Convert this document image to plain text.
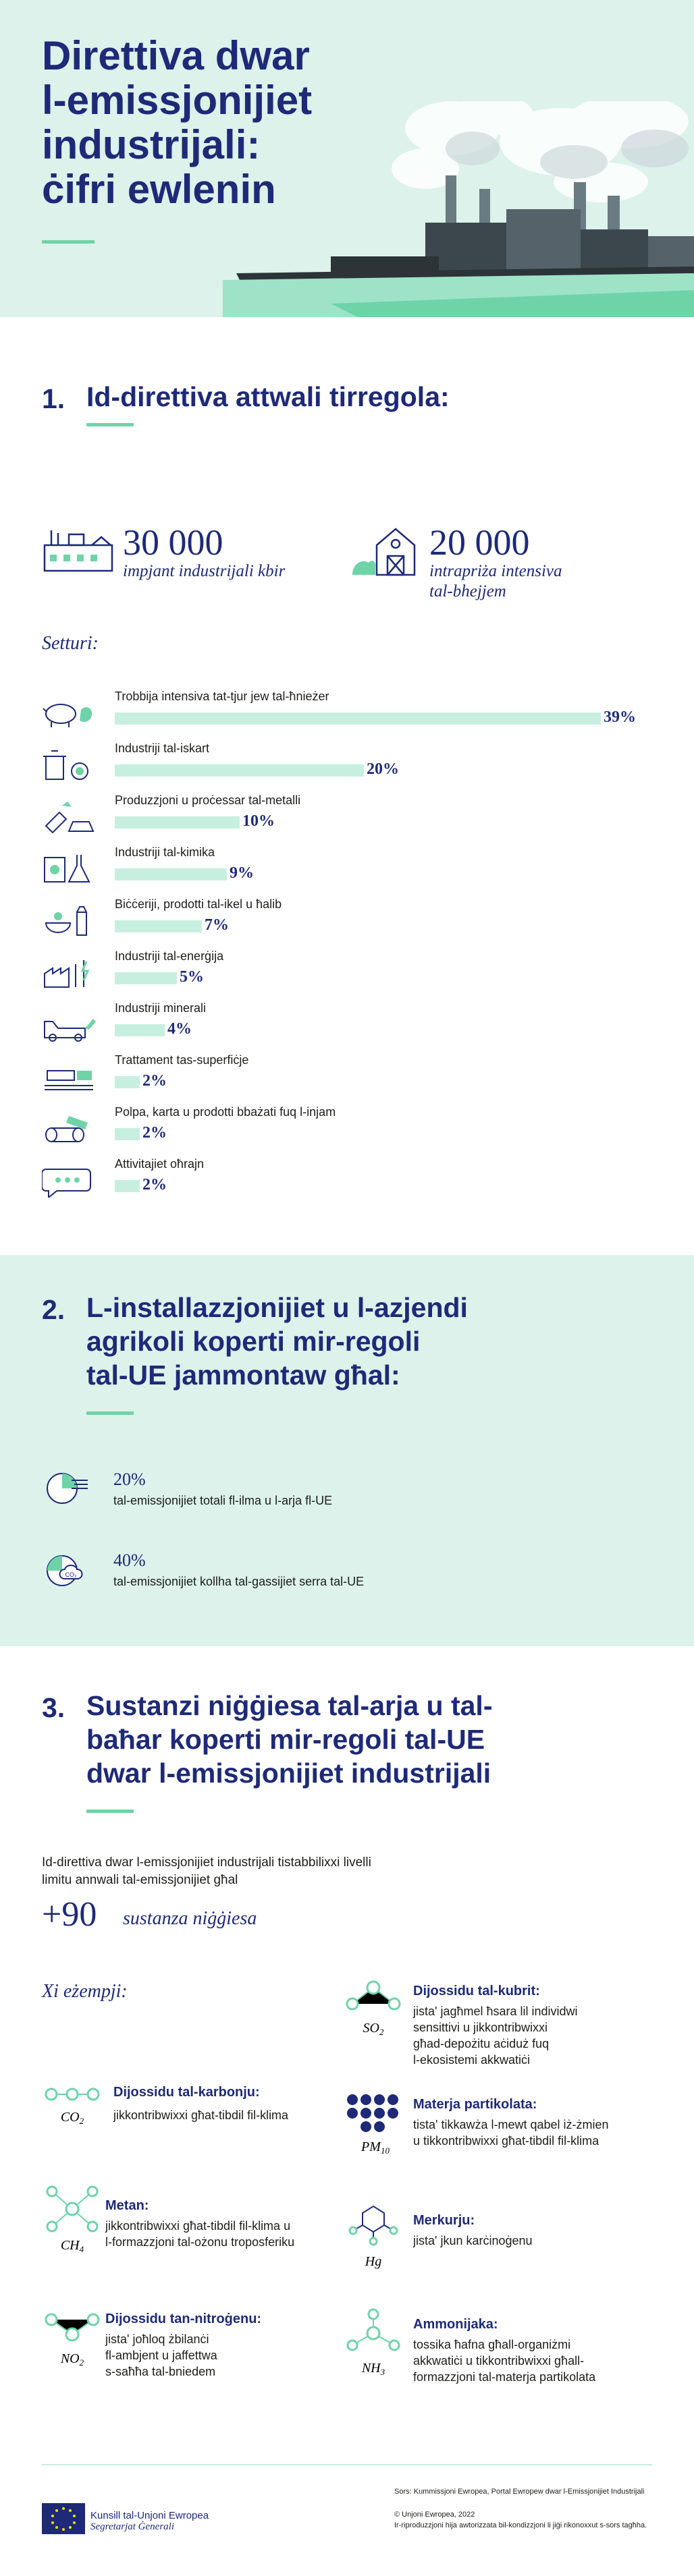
Direttiva dwar
l-emissjonijiet
industrijali:
ċifri ewlenin
1. Id-direttiva attwali tirregola:
30 000
impjant industrijali kbir
20 000
intrapriża intensiva
tal-bhejjem
Setturi:
Trobbija intensiva tat-tjur jew tal-ħnieżer
39%
Industriji tal-iskart
20%
Produzzjoni u proċessar tal-metalli
10%
Industriji tal-kimika
9%
Biċċeriji, prodotti tal-ikel u ħalib
7%
Industriji tal-enerġija
5%
Industriji minerali
4%
Trattament tas-superfiċje
2%
Polpa, karta u prodotti bbażati fuq l-injam
2%
Attivitajiet oħrajn
2%
2. L-installazzjonijiet u l-azjendi
agrikoli koperti mir-regoli
tal-UE jammontaw għal:
20%
tal-emissjonijiet totali fl-ilma u l-arja fl-UE
CO₂
40%
tal-emissjonijiet kollha tal-gassijiet serra tal-UE
3. Sustanzi niġġiesa tal-arja u tal-
baħar koperti mir-regoli tal-UE
dwar l-emissjonijiet industrijali
Id-direttiva dwar l-emissjonijiet industrijali tistabbilixxi livelli
limitu annwali tal-emissjonijiet għal
+90 sustanza niġġiesa
Xi eżempji:
$CO_2$
Dijossidu tal-karbonju:
jikkontribwixxi għat-tibdil fil-klima
$CH_4$
Metan:
jikkontribwixxi għat-tibdil fil-klima u
l-formazzjoni tal-ożonu troposferiku
$NO_2$
Dijossidu tan-nitroġenu:
jista' joħloq żbilanċi
fl-ambjent u jaffettwa
s-saħħa tal-bniedem
$SO_2$
Dijossidu tal-kubrit:
jista' jagħmel ħsara lil individwi
sensittivi u jikkontribwixxi
għad-depożitu aċiduż fuq
l-ekosistemi akkwatiċi
$PM_{10}$
Materja partikolata:
tista' tikkawża l-mewt qabel iż-żmien
u tikkontribwixxi għat-tibdil fil-klima
Hg
Merkurju:
jista' jkun karċinoġenu
$NH_3$
Ammonijaka:
tossika ħafna għall-organiżmi
akkwatiċi u tikkontribwixxi għall-
formazzjoni tal-materja partikolata
Kunsill tal-Unjoni Ewropea
Segretarjat Ġenerali
Sors: Kummissjoni Ewropea, Portal Ewropew dwar l-Emissjonijiet Industrijali
© Unjoni Ewropea, 2022
Ir-riproduzzjoni hija awtorizzata bil-kondizzjoni li jiġi rikonoxxut s-sors tagħha.
